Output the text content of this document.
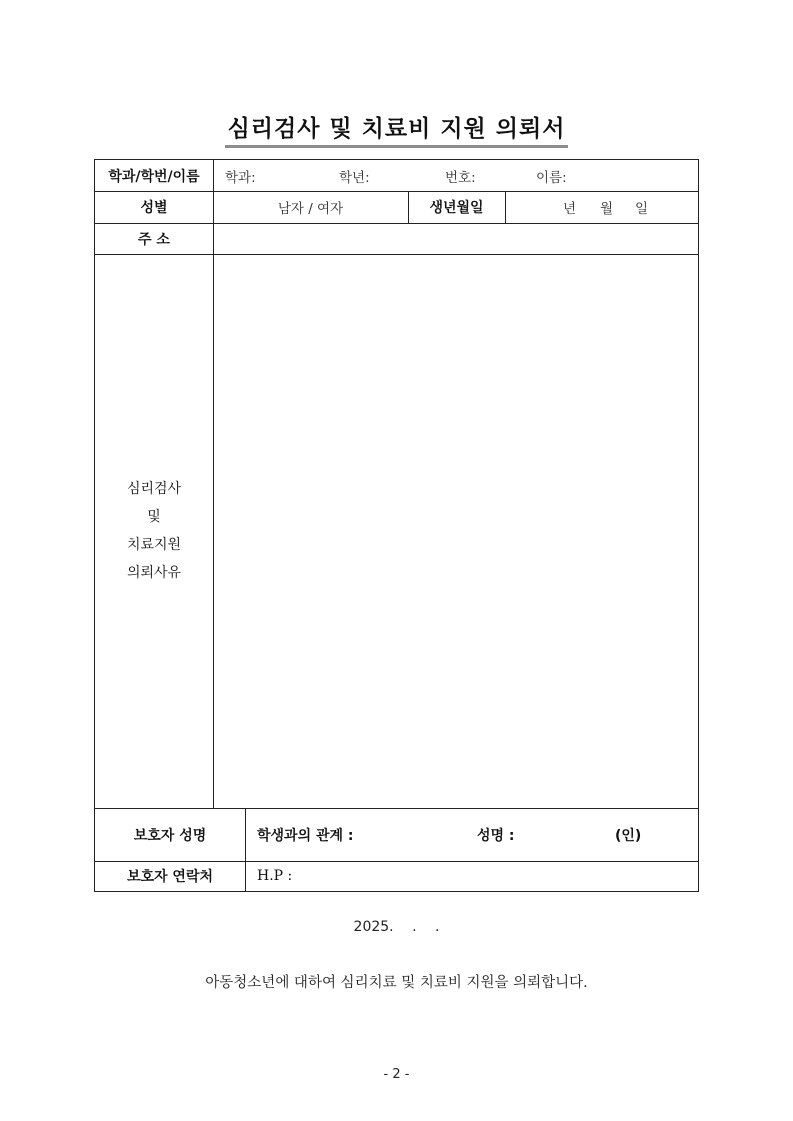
심리검사 및 치료비 지원 의뢰서
학과/학번/이름	학과:	학년:	번호:	이름:
성별	남자 / 여자	생년월일	년 월 일
주 소
심리검사
및
치료지원
의뢰사유
보호자 성명	학생과의 관계 :	성명 :	(인)
보호자 연락처	H.P :
2025.　 .　 .
아동청소년에 대하여 심리치료 및 치료비 지원을 의뢰합니다.
- 2 -
